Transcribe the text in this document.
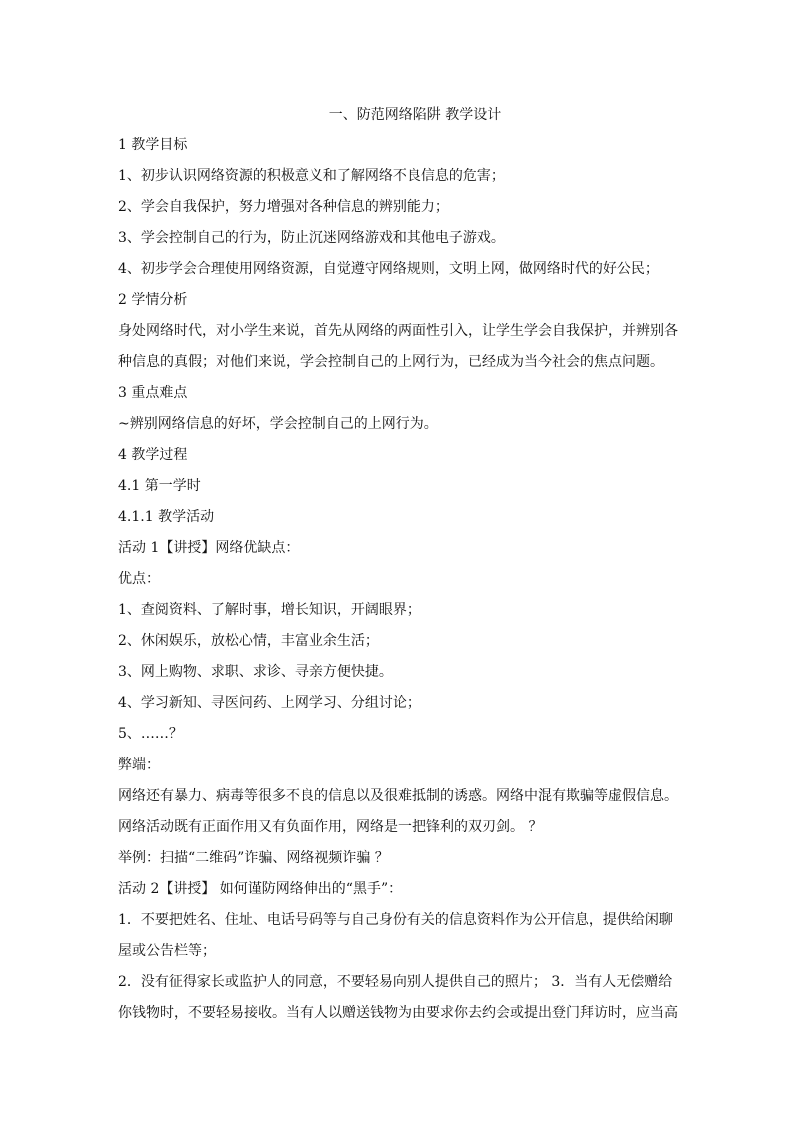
一、防范网络陷阱 教学设计
1 教学目标
1、初步认识网络资源的积极意义和了解网络不良信息的危害；
2、学会自我保护，努力增强对各种信息的辨别能力；
3、学会控制自己的行为，防止沉迷网络游戏和其他电子游戏。
4、初步学会合理使用网络资源，自觉遵守网络规则，文明上网，做网络时代的好公民；
2 学情分析
身处网络时代，对小学生来说，首先从网络的两面性引入，让学生学会自我保护，并辨别各
种信息的真假；对他们来说，学会控制自己的上网行为，已经成为当今社会的焦点问题。
3 重点难点
~辨别网络信息的好坏，学会控制自己的上网行为。
4 教学过程
4.1 第一学时
4.1.1 教学活动
活动 1【讲授】网络优缺点：
优点：
1、查阅资料、了解时事，增长知识，开阔眼界；
2、休闲娱乐，放松心情，丰富业余生活；
3、网上购物、求职、求诊、寻亲方便快捷。
4、学习新知、寻医问药、上网学习、分组讨论；
5、……？
弊端：
网络还有暴力、病毒等很多不良的信息以及很难抵制的诱惑。网络中混有欺骗等虚假信息。
网络活动既有正面作用又有负面作用，网络是一把锋利的双刃剑。 ？
举例：扫描“二维码”诈骗、网络视频诈骗 ？
活动 2【讲授】 如何谨防网络伸出的“黑手”：
1．不要把姓名、住址、电话号码等与自己身份有关的信息资料作为公开信息，提供给闲聊
屋或公告栏等；
2．没有征得家长或监护人的同意，不要轻易向别人提供自己的照片； 3．当有人无偿赠给
你钱物时，不要轻易接收。当有人以赠送钱物为由要求你去约会或提出登门拜访时，应当高
